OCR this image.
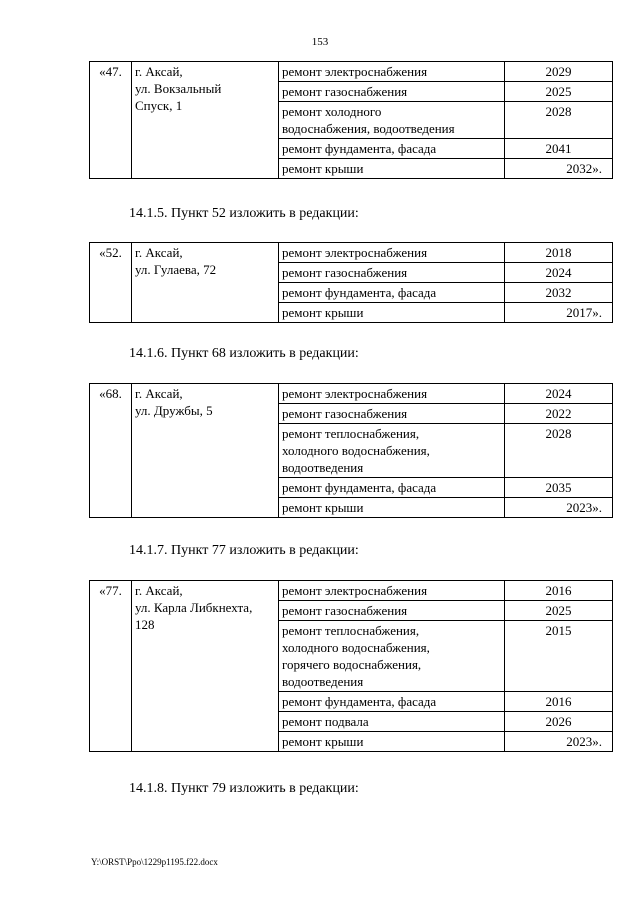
153
«47.	г. Аксай,
ул. Вокзальный
Спуск, 1	ремонт электроснабжения	2029

		ремонт газоснабжения	2025

		ремонт холодного
водоснабжения, водоотведения	2028

		ремонт фундамента, фасада	2041

		ремонт крыши	2032».
14.1.5. Пункт 52 изложить в редакции:
«52.	г. Аксай,
ул. Гулаева, 72	ремонт электроснабжения	2018

		ремонт газоснабжения	2024

		ремонт фундамента, фасада	2032

		ремонт крыши	2017».
14.1.6. Пункт 68 изложить в редакции:
«68.	г. Аксай,
ул. Дружбы, 5	ремонт электроснабжения	2024

		ремонт газоснабжения	2022

		ремонт теплоснабжения,
холодного водоснабжения,
водоотведения	2028

		ремонт фундамента, фасада	2035

		ремонт крыши	2023».
14.1.7. Пункт 77 изложить в редакции:
«77.	г. Аксай,
ул. Карла Либкнехта,
128	ремонт электроснабжения	2016

		ремонт газоснабжения	2025

		ремонт теплоснабжения,
холодного водоснабжения,
горячего водоснабжения,
водоотведения	2015

		ремонт фундамента, фасада	2016

		ремонт подвала	2026

		ремонт крыши	2023».
14.1.8. Пункт 79 изложить в редакции:
Y:\ORST\Ppo\1229p1195.f22.docx
